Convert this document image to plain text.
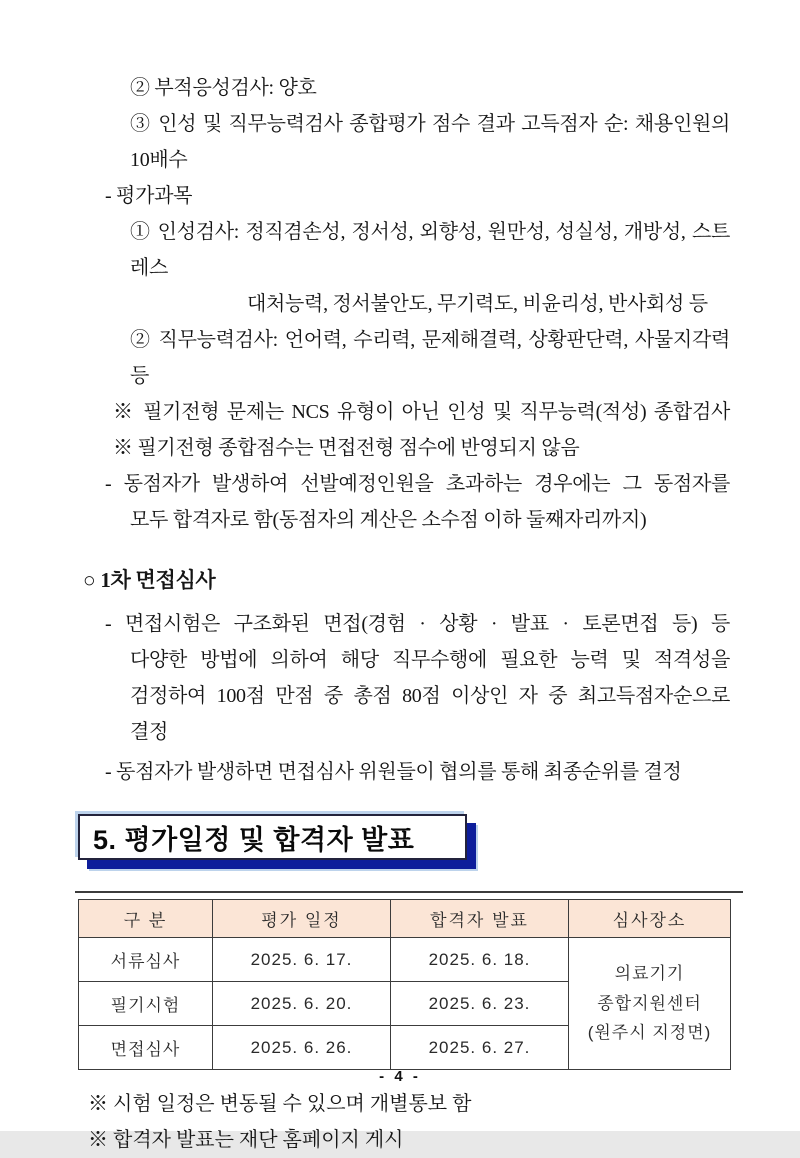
② 부적응성검사: 양호

③ 인성 및 직무능력검사 종합평가 점수 결과 고득점자 순: 채용인원의 10배수

- 평가과목

① 인성검사: 정직겸손성, 정서성, 외향성, 원만성, 성실성, 개방성, 스트레스

대처능력, 정서불안도, 무기력도, 비윤리성, 반사회성 등

② 직무능력검사: 언어력, 수리력, 문제해결력, 상황판단력, 사물지각력 등

※ 필기전형 문제는 NCS 유형이 아닌 인성 및 직무능력(적성) 종합검사

※ 필기전형 종합점수는 면접전형 점수에 반영되지 않음

- 동점자가 발생하여 선발예정인원을 초과하는 경우에는 그 동점자를

모두 합격자로 함(동점자의 계산은 소수점 이하 둘째자리까지)

○ 1차 면접심사

- 면접시험은 구조화된 면접(경험 · 상황 · 발표 · 토론면접 등) 등

다양한 방법에 의하여 해당 직무수행에 필요한 능력 및 적격성을

검정하여 100점 만점 중 총점 80점 이상인 자 중 최고득점자순으로

결정

- 동점자가 발생하면 면접심사 위원들이 협의를 통해 최종순위를 결정

5. 평가일정 및 합격자 발표
구 분	평가 일정	합격자 발표	심사장소
서류심사	2025. 6. 17.	2025. 6. 18.	의료기기
종합지원센터
(원주시 지정면)

필기시험	2025. 6. 20.	2025. 6. 23.	
면접심사	2025. 6. 26.	2025. 6. 27.	

※ 시험 일정은 변동될 수 있으며 개별통보 함

※ 합격자 발표는 재단 홈페이지 게시

- 4 -
